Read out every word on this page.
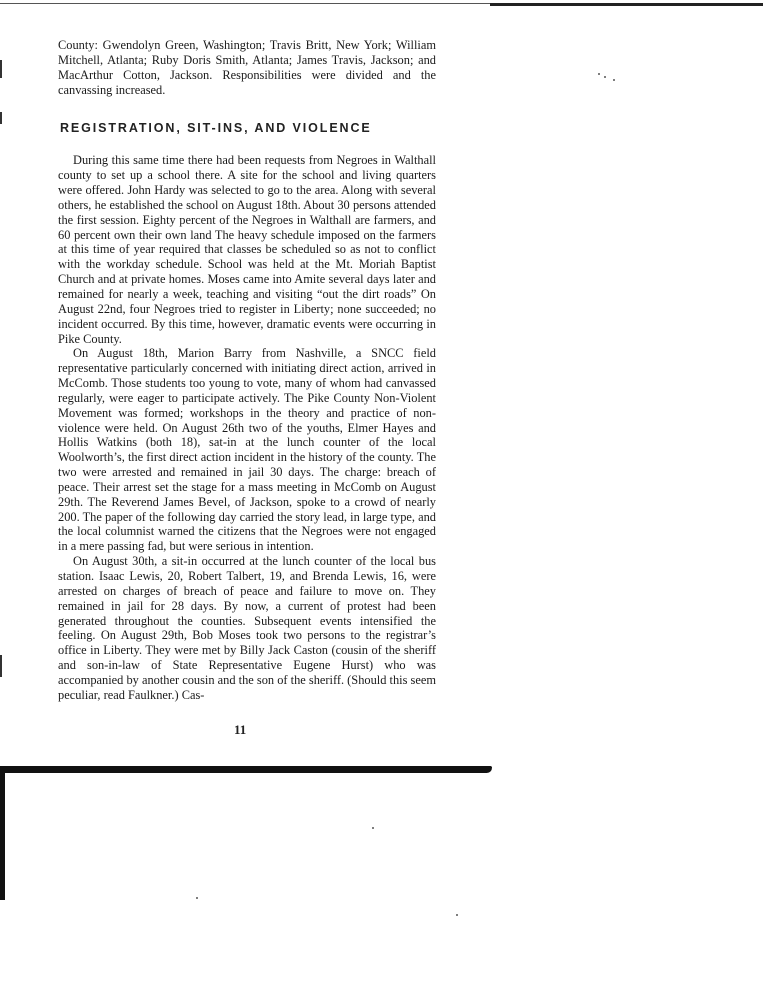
County: Gwendolyn Green, Washington; Travis Britt, New York; William Mitchell, Atlanta; Ruby Doris Smith, Atlanta; James Travis, Jackson; and MacArthur Cotton, Jackson. Responsibilities were divided and the canvassing increased.

REGISTRATION, SIT-INS, AND VIOLENCE

During this same time there had been requests from Negroes in Walthall county to set up a school there. A site for the school and living quarters were offered. John Hardy was selected to go to the area. Along with several others, he established the school on August 18th. About 30 persons attended the first session. Eighty percent of the Negroes in Walthall are farmers, and 60 percent own their own land The heavy schedule imposed on the farmers at this time of year required that classes be scheduled so as not to conflict with the workday schedule. School was held at the Mt. Moriah Baptist Church and at private homes. Moses came into Amite several days later and remained for nearly a week, teaching and visiting “out the dirt roads” On August 22nd, four Negroes tried to register in Liberty; none succeeded; no incident occurred. By this time, however, dramatic events were occurring in Pike County.

On August 18th, Marion Barry from Nashville, a SNCC field representative particularly concerned with initiating direct action, arrived in McComb. Those students too young to vote, many of whom had canvassed regularly, were eager to participate actively. The Pike County Non-Violent Movement was formed; workshops in the theory and practice of non-violence were held. On August 26th two of the youths, Elmer Hayes and Hollis Watkins (both 18), sat-in at the lunch counter of the local Woolworth’s, the first direct action incident in the history of the county. The two were arrested and remained in jail 30 days. The charge: breach of peace. Their arrest set the stage for a mass meeting in McComb on August 29th. The Reverend James Bevel, of Jackson, spoke to a crowd of nearly 200. The paper of the following day carried the story lead, in large type, and the local columnist warned the citizens that the Negroes were not engaged in a mere passing fad, but were serious in intention.

On August 30th, a sit-in occurred at the lunch counter of the local bus station. Isaac Lewis, 20, Robert Talbert, 19, and Brenda Lewis, 16, were arrested on charges of breach of peace and failure to move on. They remained in jail for 28 days. By now, a current of protest had been generated throughout the counties. Subsequent events intensified the feeling. On August 29th, Bob Moses took two persons to the registrar’s office in Liberty. They were met by Billy Jack Caston (cousin of the sheriff and son-in-law of State Representative Eugene Hurst) who was accompanied by another cousin and the son of the sheriff. (Should this seem peculiar, read Faulkner.) Cas-

11
